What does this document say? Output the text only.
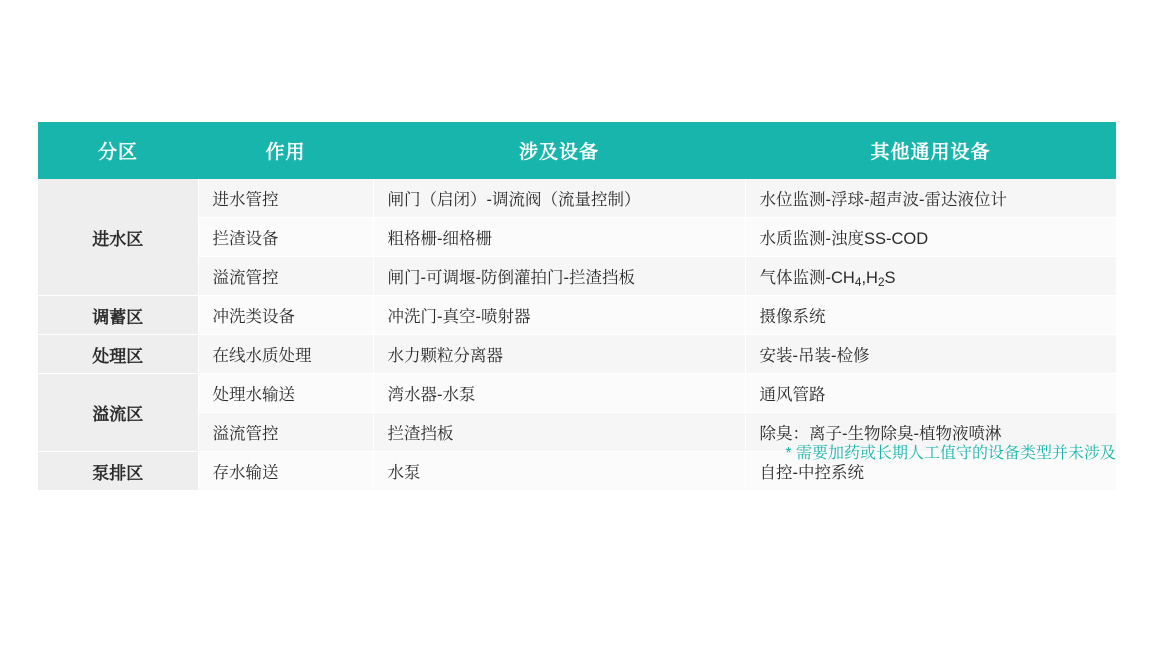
分区	作用	涉及设备	其他通用设备
进水区	进水管控	闸门（启闭）-调流阀（流量控制）	水位监测-浮球-超声波-雷达液位计
	拦渣设备	粗格栅-细格栅	水质监测-浊度SS-COD
	溢流管控	闸门-可调堰-防倒灌拍门-拦渣挡板	气体监测$-CH_4,H_2S$
调蓄区	冲洗类设备	冲洗门-真空-喷射器	摄像系统
处理区	在线水质处理	水力颗粒分离器	安装-吊装-检修
溢流区	处理水输送	湾水器-水泵	通风管路
	溢流管控	拦渣挡板	除臭：离子-生物除臭-植物液喷淋
泵排区	存水输送	水泵	自控-中控系统
* 需要加药或长期人工值守的设备类型并未涉及
